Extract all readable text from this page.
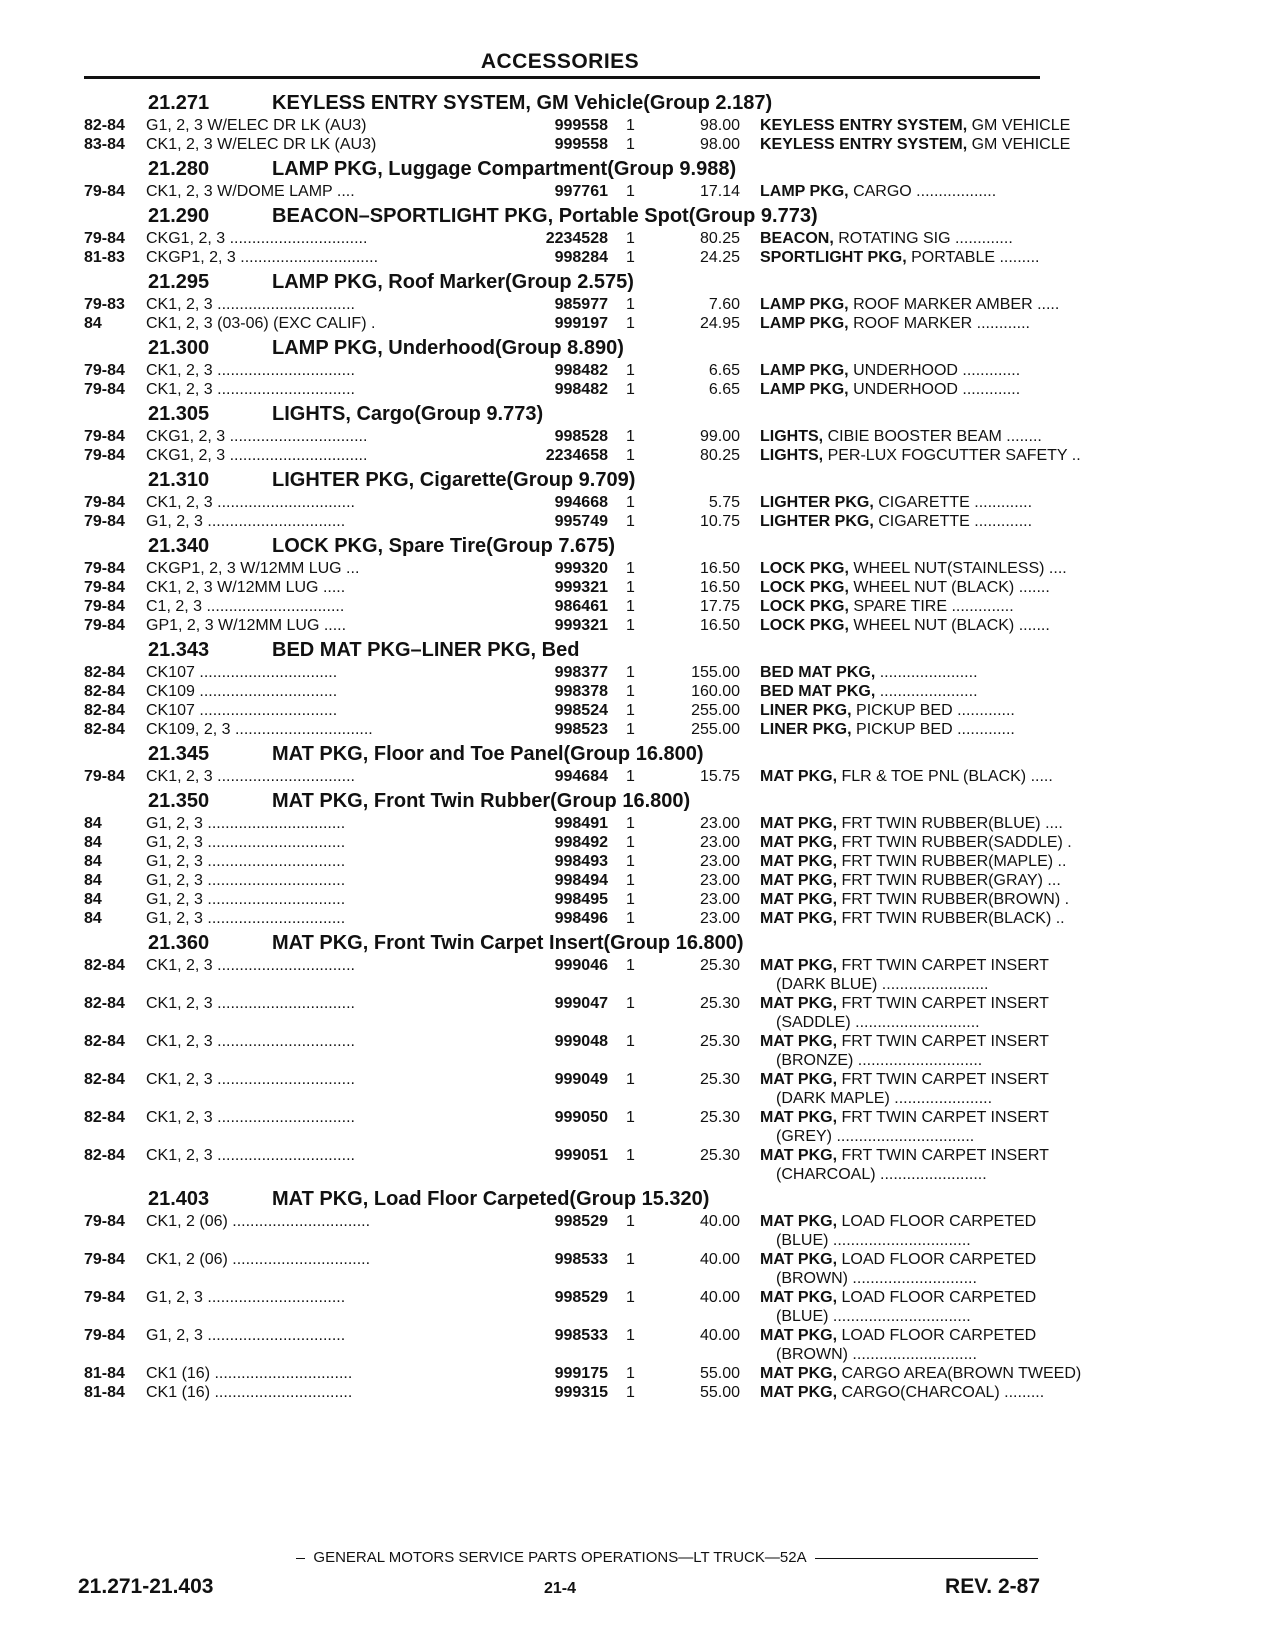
ACCESSORIES
21.271	KEYLESS ENTRY SYSTEM, GM Vehicle(Group 2.187)
82-84 G1, 2, 3 W/ELEC DR LK (AU3)	999558 1	98.00 KEYLESS ENTRY SYSTEM, GM VEHICLE
83-84 CK1, 2, 3 W/ELEC DR LK (AU3)	999558 1	98.00 KEYLESS ENTRY SYSTEM, GM VEHICLE
21.280	LAMP PKG, Luggage Compartment(Group 9.988)
79-84 CK1, 2, 3 W/DOME LAMP ....	997761 1	17.14 LAMP PKG, CARGO ..................
21.290	BEACON–SPORTLIGHT PKG, Portable Spot(Group 9.773)
79-84 CKG1, 2, 3 ...............................	2234528 1	80.25 BEACON, ROTATING SIG .............
81-83 CKGP1, 2, 3 ...............................	998284 1	24.25 SPORTLIGHT PKG, PORTABLE .........
21.295	LAMP PKG, Roof Marker(Group 2.575)
79-83 CK1, 2, 3 ...............................	985977 1	7.60 LAMP PKG, ROOF MARKER AMBER .....
84	CK1, 2, 3 (03-06) (EXC CALIF) .	999197 1	24.95 LAMP PKG, ROOF MARKER ............
21.300	LAMP PKG, Underhood(Group 8.890)
79-84 CK1, 2, 3 ...............................	998482 1	6.65 LAMP PKG, UNDERHOOD .............
79-84 CK1, 2, 3 ...............................	998482 1	6.65 LAMP PKG, UNDERHOOD .............
21.305	LIGHTS, Cargo(Group 9.773)
79-84 CKG1, 2, 3 ...............................	998528 1	99.00 LIGHTS, CIBIE BOOSTER BEAM ........
79-84 CKG1, 2, 3 ...............................	2234658 1	80.25 LIGHTS, PER-LUX FOGCUTTER SAFETY ..
21.310	LIGHTER PKG, Cigarette(Group 9.709)
79-84 CK1, 2, 3 ...............................	994668 1	5.75 LIGHTER PKG, CIGARETTE .............
79-84 G1, 2, 3 ...............................	995749 1	10.75 LIGHTER PKG, CIGARETTE .............
21.340	LOCK PKG, Spare Tire(Group 7.675)
79-84 CKGP1, 2, 3 W/12MM LUG ...	999320 1	16.50 LOCK PKG, WHEEL NUT(STAINLESS) ....
79-84 CK1, 2, 3 W/12MM LUG .....	999321 1	16.50 LOCK PKG, WHEEL NUT (BLACK) .......
79-84 C1, 2, 3 ...............................	986461 1	17.75 LOCK PKG, SPARE TIRE ..............
79-84 GP1, 2, 3 W/12MM LUG .....	999321 1	16.50 LOCK PKG, WHEEL NUT (BLACK) .......
21.343	BED MAT PKG–LINER PKG, Bed
82-84 CK107 ...............................	998377 1	155.00 BED MAT PKG, ......................
82-84 CK109 ...............................	998378 1	160.00 BED MAT PKG, ......................
82-84 CK107 ...............................	998524 1	255.00 LINER PKG, PICKUP BED .............
82-84 CK109, 2, 3 ...............................	998523 1	255.00 LINER PKG, PICKUP BED .............
21.345	MAT PKG, Floor and Toe Panel(Group 16.800)
79-84 CK1, 2, 3 ...............................	994684 1	15.75 MAT PKG, FLR & TOE PNL (BLACK) .....
21.350	MAT PKG, Front Twin Rubber(Group 16.800)
84	G1, 2, 3 ...............................	998491 1	23.00 MAT PKG, FRT TWIN RUBBER(BLUE) ....
84	G1, 2, 3 ...............................	998492 1	23.00 MAT PKG, FRT TWIN RUBBER(SADDLE) .
84	G1, 2, 3 ...............................	998493 1	23.00 MAT PKG, FRT TWIN RUBBER(MAPLE) ..
84	G1, 2, 3 ...............................	998494 1	23.00 MAT PKG, FRT TWIN RUBBER(GRAY) ...
84	G1, 2, 3 ...............................	998495 1	23.00 MAT PKG, FRT TWIN RUBBER(BROWN) .
84	G1, 2, 3 ...............................	998496 1	23.00 MAT PKG, FRT TWIN RUBBER(BLACK) ..
21.360	MAT PKG, Front Twin Carpet Insert(Group 16.800)
82-84 CK1, 2, 3 ...............................	999046 1	25.30 MAT PKG, FRT TWIN CARPET INSERT
(DARK BLUE) ........................
82-84 CK1, 2, 3 ...............................	999047 1	25.30 MAT PKG, FRT TWIN CARPET INSERT
(SADDLE) ............................
82-84 CK1, 2, 3 ...............................	999048 1	25.30 MAT PKG, FRT TWIN CARPET INSERT
(BRONZE) ............................
82-84 CK1, 2, 3 ...............................	999049 1	25.30 MAT PKG, FRT TWIN CARPET INSERT
(DARK MAPLE) ......................
82-84 CK1, 2, 3 ...............................	999050 1	25.30 MAT PKG, FRT TWIN CARPET INSERT
(GREY) ...............................
82-84 CK1, 2, 3 ...............................	999051 1	25.30 MAT PKG, FRT TWIN CARPET INSERT
(CHARCOAL) ........................
21.403	MAT PKG, Load Floor Carpeted(Group 15.320)
79-84 CK1, 2 (06) ...............................	998529 1	40.00 MAT PKG, LOAD FLOOR CARPETED
(BLUE) ...............................
79-84 CK1, 2 (06) ...............................	998533 1	40.00 MAT PKG, LOAD FLOOR CARPETED
(BROWN) ............................
79-84 G1, 2, 3 ...............................	998529 1	40.00 MAT PKG, LOAD FLOOR CARPETED
(BLUE) ...............................
79-84 G1, 2, 3 ...............................	998533 1	40.00 MAT PKG, LOAD FLOOR CARPETED
(BROWN) ............................
81-84 CK1 (16) ...............................	999175 1	55.00 MAT PKG, CARGO AREA(BROWN TWEED)
81-84 CK1 (16) ...............................	999315 1	55.00 MAT PKG, CARGO(CHARCOAL) .........
GENERAL MOTORS SERVICE PARTS OPERATIONS—LT TRUCK—52A
21.271-21.403	21-4	REV. 2-87
